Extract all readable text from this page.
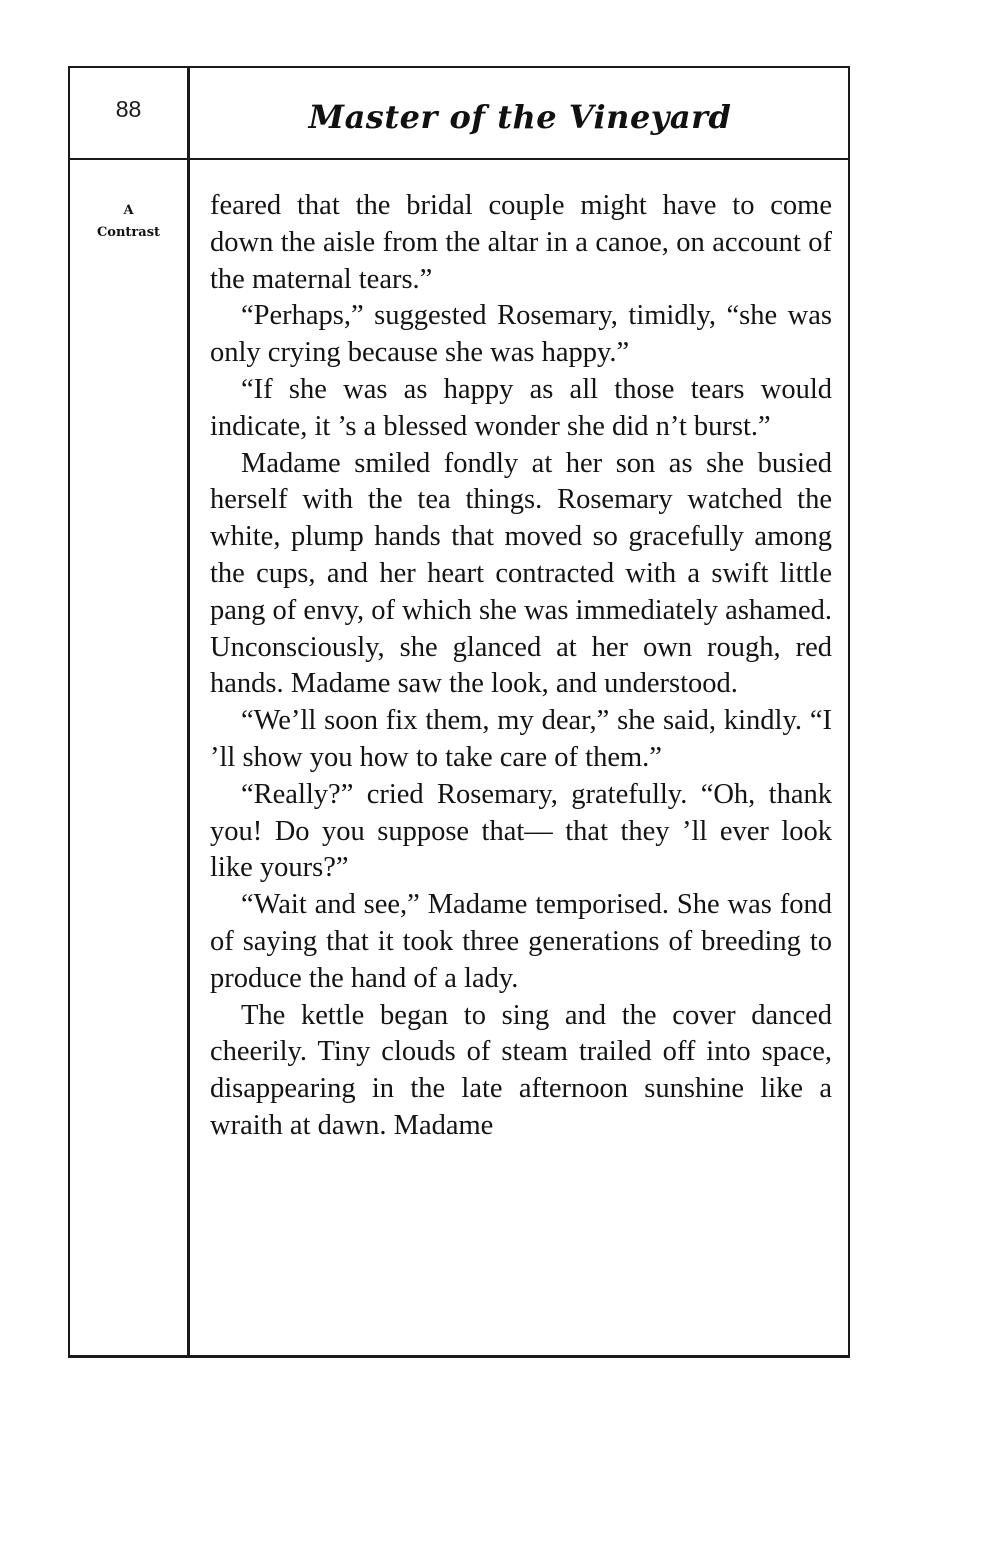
88	Master of the Vineyard
A
Contrast

feared that the bridal couple might have to come down the aisle from the altar in a canoe, on account of the maternal tears.”

“Perhaps,” suggested Rosemary, timidly, “she was only crying because she was happy.”

“If she was as happy as all those tears would indicate, it ’s a blessed wonder she did n’t burst.”

Madame smiled fondly at her son as she busied herself with the tea things. Rosemary watched the white, plump hands that moved so gracefully among the cups, and her heart contracted with a swift little pang of envy, of which she was immediately ashamed. Unconsciously, she glanced at her own rough, red hands. Madame saw the look, and understood.

“We’ll soon fix them, my dear,” she said, kindly. “I ’ll show you how to take care of them.”

“Really?” cried Rosemary, gratefully. “Oh, thank you! Do you suppose that–– that they ’ll ever look like yours?”

“Wait and see,” Madame temporised. She was fond of saying that it took three generations of breeding to produce the hand of a lady.

The kettle began to sing and the cover danced cheerily. Tiny clouds of steam trailed off into space, disappearing in the late afternoon sunshine like a wraith at dawn. Madame
